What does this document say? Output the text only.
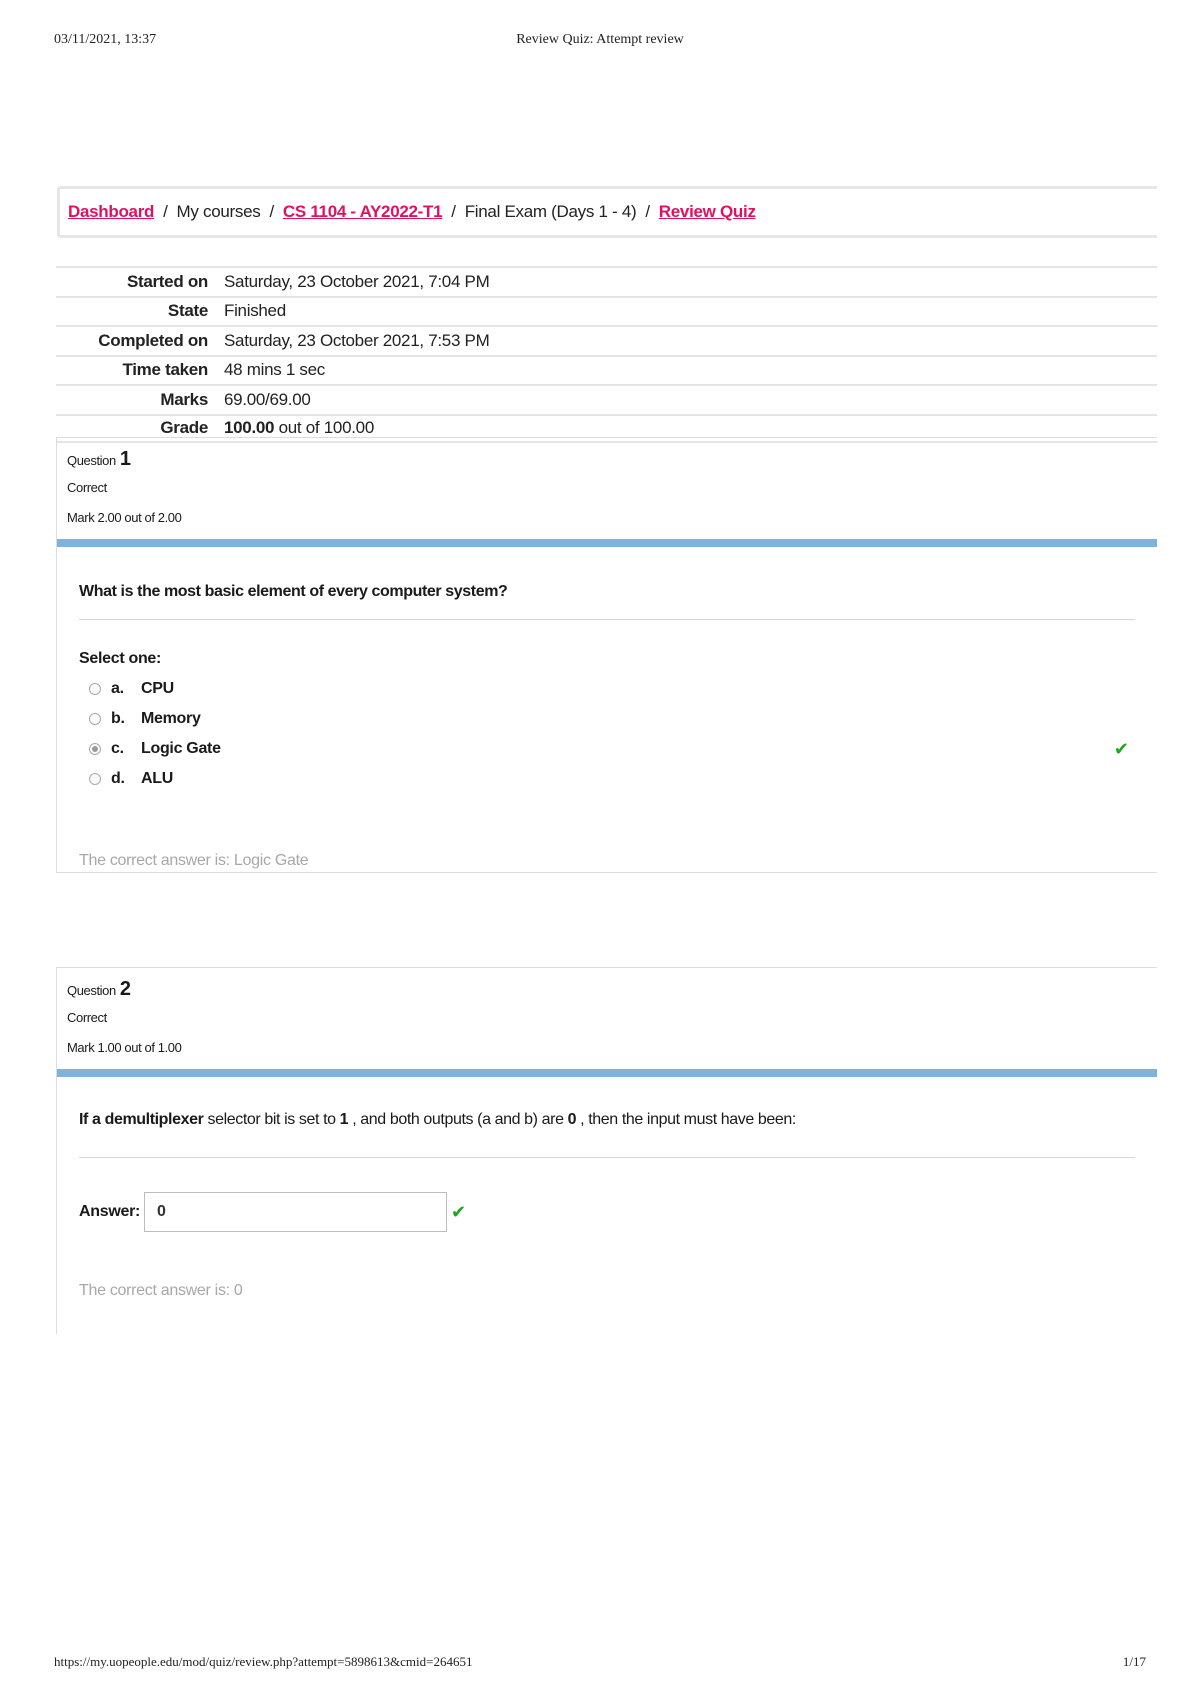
03/11/2021, 13:37	Review Quiz: Attempt review
Dashboard / My courses / CS 1104 - AY2022-T1 / Final Exam (Days 1 - 4) / Review Quiz
Started on Saturday, 23 October 2021, 7:04 PM
State Finished
Completed on Saturday, 23 October 2021, 7:53 PM
Time taken 48 mins 1 sec
Marks 69.00/69.00
Grade 100.00 out of 100.00
Question 1
Correct
Mark 2.00 out of 2.00
What is the most basic element of every computer system?
Select one:
a.	CPU
b.	Memory
c.	Logic Gate
d.	ALU
✔
The correct answer is: Logic Gate
Question 2
Correct
Mark 1.00 out of 1.00
If a demultiplexer selector bit is set to 1 , and both outputs (a and b) are 0 , then the input must have been:
Answer:	0	✔
The correct answer is: 0
https://my.uopeople.edu/mod/quiz/review.php?attempt=5898613&cmid=264651	1/17
